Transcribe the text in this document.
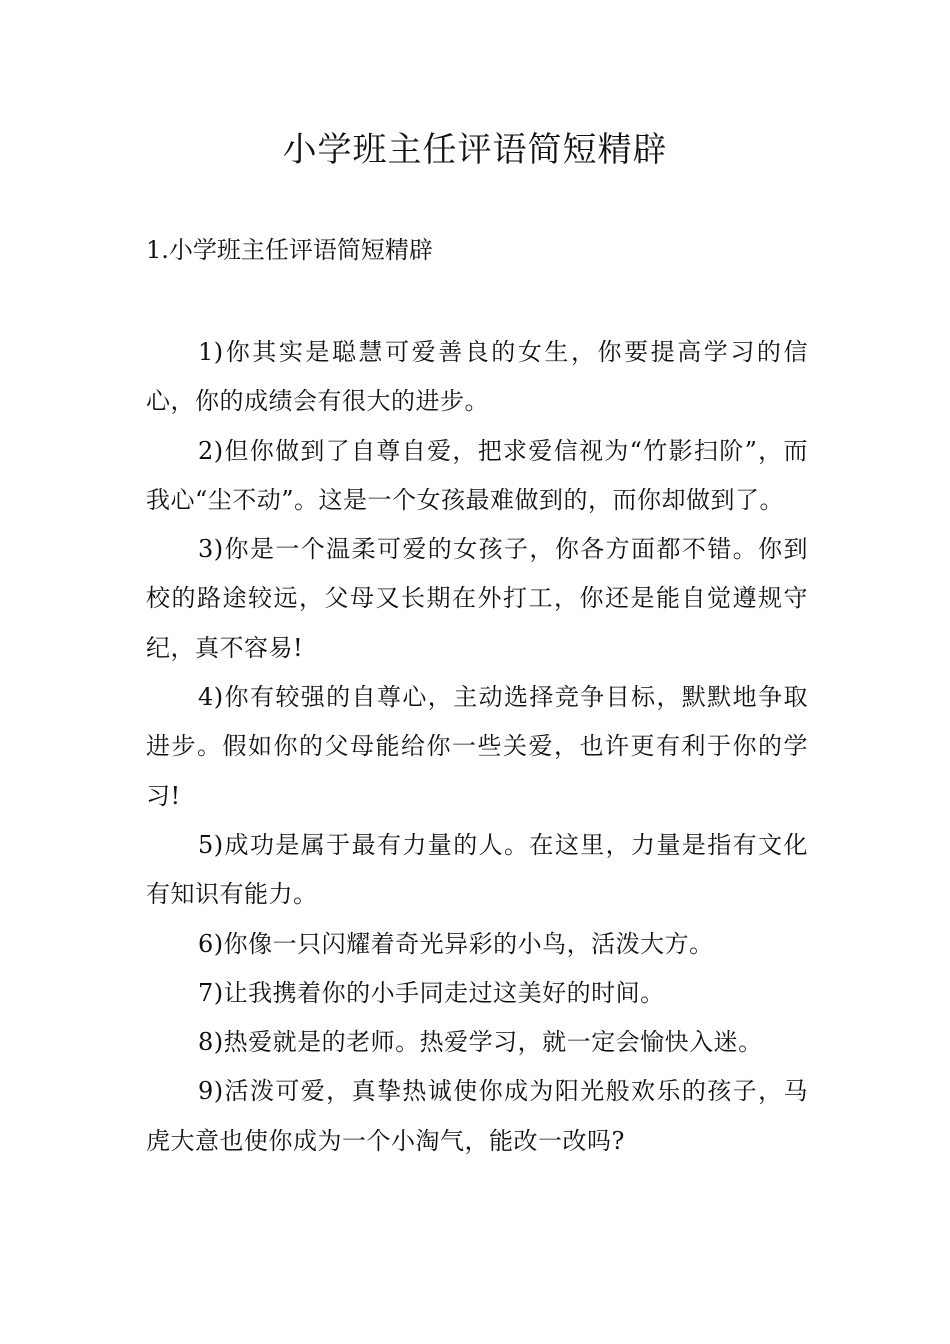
小学班主任评语简短精辟
1.小学班主任评语简短精辟

1)你其实是聪慧可爱善良的女生，你要提高学习的信心，你的成绩会有很大的进步。

2)但你做到了自尊自爱，把求爱信视为“竹影扫阶”，而我心“尘不动”。这是一个女孩最难做到的，而你却做到了。

3)你是一个温柔可爱的女孩子，你各方面都不错。你到校的路途较远，父母又长期在外打工，你还是能自觉遵规守纪，真不容易!

4)你有较强的自尊心，主动选择竞争目标，默默地争取进步。假如你的父母能给你一些关爱，也许更有利于你的学习!

5)成功是属于最有力量的人。在这里，力量是指有文化有知识有能力。

6)你像一只闪耀着奇光异彩的小鸟，活泼大方。

7)让我携着你的小手同走过这美好的时间。

8)热爱就是的老师。热爱学习，就一定会愉快入迷。

9)活泼可爱，真挚热诚使你成为阳光般欢乐的孩子，马虎大意也使你成为一个小淘气，能改一改吗?
